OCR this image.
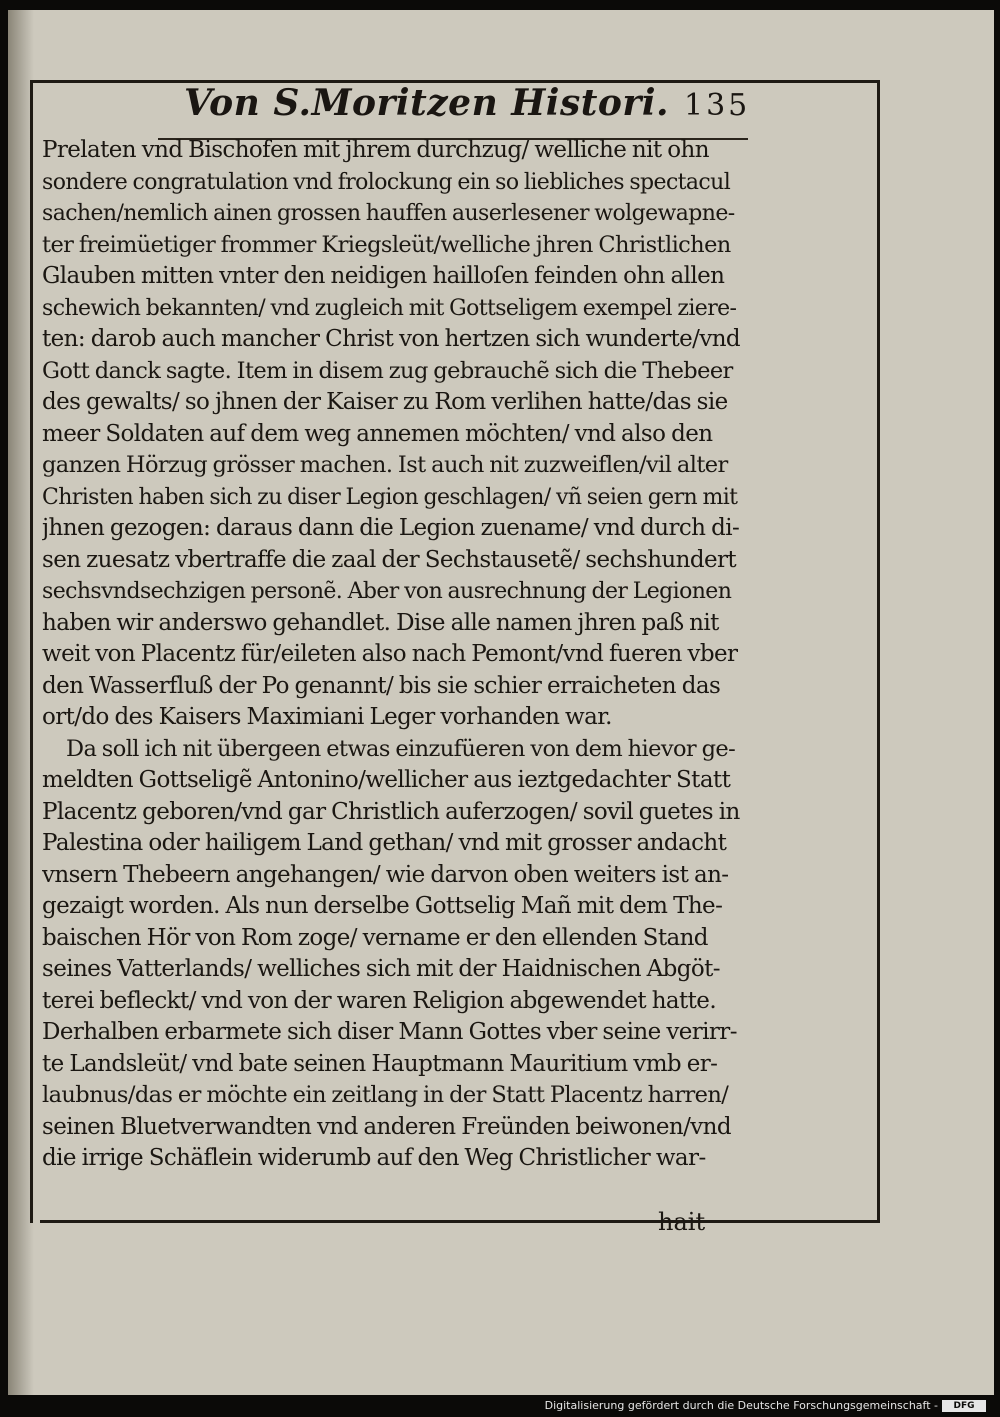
Von S.Moritzen Histori. 135
Prelaten vnd Bischofen mit jhrem durchzug/ welliche nit ohn
sondere congratulation vnd frolockung ein so liebliches spectacul
sachen/nemlich ainen grossen hauffen auserlesener wolgewapne-
ter freimüetiger frommer Kriegsleüt/welliche jhren Christlichen
Glauben mitten vnter den neidigen hailloſen feinden ohn allen
schewich bekannten/ vnd zugleich mit Gottseligem exempel ziere-
ten: darob auch mancher Christ von hertzen sich wunderte/vnd
Gott danck sagte. Item in disem zug gebrauchẽ sich die Thebeer
des gewalts/ so jhnen der Kaiser zu Rom verlihen hatte/das sie
meer Soldaten auf dem weg annemen möchten/ vnd also den
ganzen Hörzug grösser machen. Ist auch nit zuzweiflen/vil alter
Christen haben sich zu diser Legion geschlagen/ vñ seien gern mit
jhnen gezogen: daraus dann die Legion zuename/ vnd durch di-
sen zuesatz vbertraffe die zaal der Sechstausetẽ/ sechshundert
sechsvndsechzigen personẽ. Aber von ausrechnung der Legionen
haben wir anderswo gehandlet. Dise alle namen jhren paß nit
weit von Placentz für/eileten also nach Pemont/vnd fueren vber
den Wasserfluß der Po genannt/ bis sie schier erraicheten das
ort/do des Kaisers Maximiani Leger vorhanden war.
Da soll ich nit übergeen etwas einzufüeren von dem hievor ge-
meldten Gottseligẽ Antonino/wellicher aus ieztgedachter Statt
Placentz geboren/vnd gar Christlich auferzogen/ sovil guetes in
Palestina oder hailigem Land gethan/ vnd mit grosser andacht
vnsern Thebeern angehangen/ wie darvon oben weiters ist an-
gezaigt worden. Als nun derselbe Gottselig Mañ mit dem The-
baischen Hör von Rom zoge/ vername er den ellenden Stand
seines Vatterlands/ welliches sich mit der Haidnischen Abgöt-
terei befleckt/ vnd von der waren Religion abgewendet hatte.
Derhalben erbarmete sich diser Mann Gottes vber seine verirr-
te Landsleüt/ vnd bate seinen Hauptmann Mauritium vmb er-
laubnus/das er möchte ein zeitlang in der Statt Placentz harren/
seinen Bluetverwandten vnd anderen Freünden beiwonen/vnd
die irrige Schäflein widerumb auf den Weg Christlicher war-
hait
Digitalisierung gefördert durch die Deutsche Forschungsgemeinschaft -	DFG
